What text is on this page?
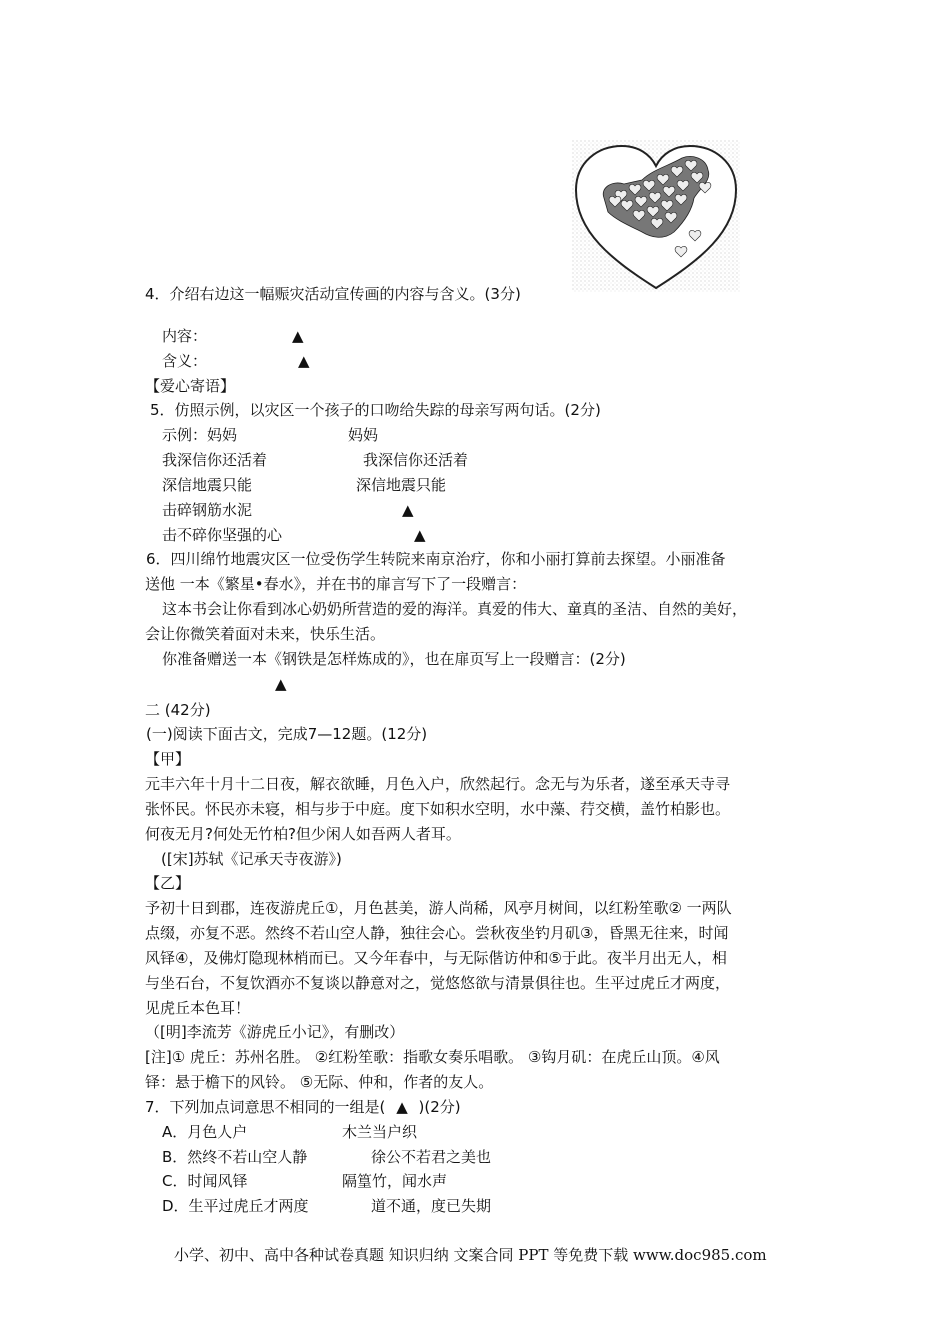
4．介绍右边这一幅赈灾活动宣传画的内容与含义。(3分)
内容：	▲
含义：	▲
【爱心寄语】
5．仿照示例，以灾区一个孩子的口吻给失踪的母亲写两句话。(2分)
示例：妈妈	妈妈
我深信你还活着	我深信你还活着
深信地震只能	深信地震只能
击碎钢筋水泥	▲
击不碎你坚强的心	▲
6．四川绵竹地震灾区一位受伤学生转院来南京治疗，你和小丽打算前去探望。小丽准备
送他 一本《繁星•春水》，并在书的扉言写下了一段赠言：
这本书会让你看到冰心奶奶所营造的爱的海洋。真爱的伟大、童真的圣洁、自然的美好，
会让你微笑着面对未来，快乐生活。
你准备赠送一本《钢铁是怎样炼成的》，也在扉页写上一段赠言：(2分)
▲
二 (42分)
(一)阅读下面古文，完成7—12题。(12分)
【甲】
元丰六年十月十二日夜，解衣欲睡，月色入户，欣然起行。念无与为乐者，遂至承天寺寻
张怀民。怀民亦未寝，相与步于中庭。度下如积水空明，水中藻、荇交横，盖竹柏影也。
何夜无月?何处无竹柏?但少闲人如吾两人者耳。
([宋]苏轼《记承天寺夜游》)
【乙】
予初十日到郡，连夜游虎丘①，月色甚美，游人尚稀，风亭月树间，以红粉笙歌② 一两队
点缀，亦复不恶。然终不若山空人静，独往会心。尝秋夜坐钓月矶③，昏黑无往来，时闻
风铎④，及佛灯隐现林梢而已。又今年春中，与无际偕访仲和⑤于此。夜半月出无人，相
与坐石台，不复饮酒亦不复谈以静意对之，觉悠悠欲与清景俱往也。生平过虎丘才两度，
见虎丘本色耳！
（[明]李流芳《游虎丘小记》，有删改）
[注]① 虎丘：苏州名胜。 ②红粉笙歌：指歌女奏乐唱歌。 ③钩月矶：在虎丘山顶。④风
铎：悬于檐下的风铃。 ⑤无际、仲和，作者的友人。
7．下列加点词意思不相同的一组是( ▲ )(2分)
A．月色人户	木兰当户织
B．然终不若山空人静	徐公不若君之美也
C．时闻风铎	隔篁竹，闻水声
D．生平过虎丘才两度	道不通，度已失期
小学、初中、高中各种试卷真题 知识归纳 文案合同 PPT 等免费下载 www.doc985.com
